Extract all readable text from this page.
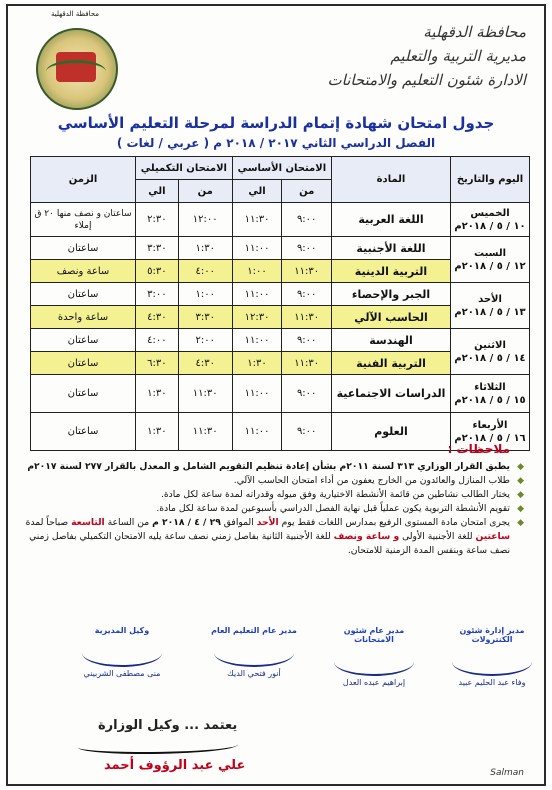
محافظة الدقهلية
مديرية التربية والتعليم
الادارة شئون التعليم والامتحانات
محافظة الدقهلية
جدول امتحان شهادة إتمام الدراسة لمرحلة التعليم الأساسي
الفصل الدراسي الثاني ٢٠١٧ / ٢٠١٨ م ( عربي / لغات )
اليوم والتاريخ	المادة	الامتحان الأساسي		الامتحان التكميلي		الزمن
		من	الي	من	الي	

الخميس
١٠ / ٥ / ٢٠١٨م	اللغة العربية	٩:٠٠	١١:٣٠	١٢:٠٠	٢:٣٠	ساعتان و نصف منها ٢٠ ق إملاء

السبت
١٢ / ٥ / ٢٠١٨م	اللغة الأجنبية	٩:٠٠	١١:٠٠	١:٣٠	٣:٣٠	ساعتان
	التربية الدينية	١١:٣٠	١:٠٠	٤:٠٠	٥:٣٠	ساعة ونصف

الأحد
١٣ / ٥ / ٢٠١٨م	الجبر والإحصاء	٩:٠٠	١١:٠٠	١:٠٠	٣:٠٠	ساعتان
	الحاسب الآلي	١١:٣٠	١٢:٣٠	٣:٣٠	٤:٣٠	ساعة واحدة

الاثنين
١٤ / ٥ / ٢٠١٨م	الهندسة	٩:٠٠	١١:٠٠	٢:٠٠	٤:٠٠	ساعتان
	التربية الفنية	١١:٣٠	١:٣٠	٤:٣٠	٦:٣٠	ساعتان

الثلاثاء
١٥ / ٥ / ٢٠١٨م	الدراسات الاجتماعية	٩:٠٠	١١:٠٠	١١:٣٠	١:٣٠	ساعتان

الأربعاء
١٦ / ٥ / ٢٠١٨م	العلوم	٩:٠٠	١١:٠٠	١١:٣٠	١:٣٠	ساعتان
ملاحظات :
◆ يطبق القرار الوزاري ٣١٣ لسنة ٢٠١١م بشأن إعادة تنظيم التقويم الشامل و المعدل بالقرار ٢٧٧ لسنة ٢٠١٧م
◆ طلاب المنازل والعائدون من الخارج يعفون من أداء امتحان الحاسب الآلي.
◆ يختار الطالب نشاطين من قائمة الأنشطة الاختيارية وفق ميوله وقدراته لمدة ساعة لكل مادة.
◆ تقويم الأنشطة التربوية يكون عملياً قبل نهاية الفصل الدراسي بأسبوعين لمدة ساعة لكل مادة.
◆ يجرى امتحان مادة المستوى الرفيع بمدارس اللغات فقط يوم الأحد الموافق ٢٩ / ٤ / ٢٠١٨ م من الساعة التاسعة صباحاً لمدة ساعتين للغة الأجنبية الأولى و ساعة ونصف للغة الأجنبية الثانية بفاصل زمني نصف ساعة يليه الامتحان التكميلي بفاصل زمني نصف ساعة وبنفس المدة الزمنية للامتحان.
مدير إدارة شئون الكنترولات
وفاء عبد الحليم عبيد
مدير عام شئون الامتحانات
إبراهيم عبده العدل
مدير عام التعليم العام
أنور فتحي الديك
وكيل المديرية
منى مصطفى الشربيني
يعتمد ... وكيل الوزارة
علي عبد الرؤوف أحمد	Salman
